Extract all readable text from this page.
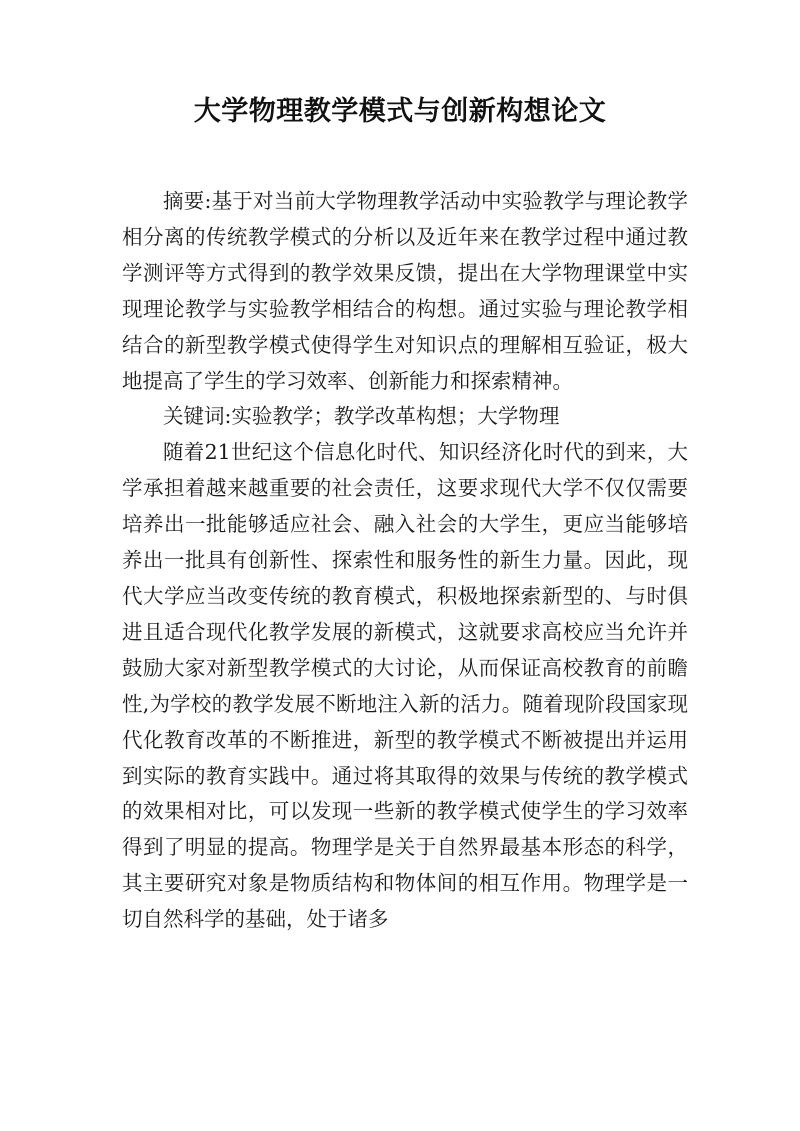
大学物理教学模式与创新构想论文

摘要:基于对当前大学物理教学活动中实验教学与理论教学相分离的传统教学模式的分析以及近年来在教学过程中通过教学测评等方式得到的教学效果反馈，提出在大学物理课堂中实现理论教学与实验教学相结合的构想。通过实验与理论教学相结合的新型教学模式使得学生对知识点的理解相互验证，极大地提高了学生的学习效率、创新能力和探索精神。

关键词:实验教学；教学改革构想；大学物理

随着21世纪这个信息化时代、知识经济化时代的到来，大学承担着越来越重要的社会责任，这要求现代大学不仅仅需要培养出一批能够适应社会、融入社会的大学生，更应当能够培养出一批具有创新性、探索性和服务性的新生力量。因此，现代大学应当改变传统的教育模式，积极地探索新型的、与时俱进且适合现代化教学发展的新模式，这就要求高校应当允许并鼓励大家对新型教学模式的大讨论，从而保证高校教育的前瞻性,为学校的教学发展不断地注入新的活力。随着现阶段国家现代化教育改革的不断推进，新型的教学模式不断被提出并运用到实际的教育实践中。通过将其取得的效果与传统的教学模式的效果相对比，可以发现一些新的教学模式使学生的学习效率得到了明显的提高。物理学是关于自然界最基本形态的科学，其主要研究对象是物质结构和物体间的相互作用。物理学是一切自然科学的基础，处于诸多
